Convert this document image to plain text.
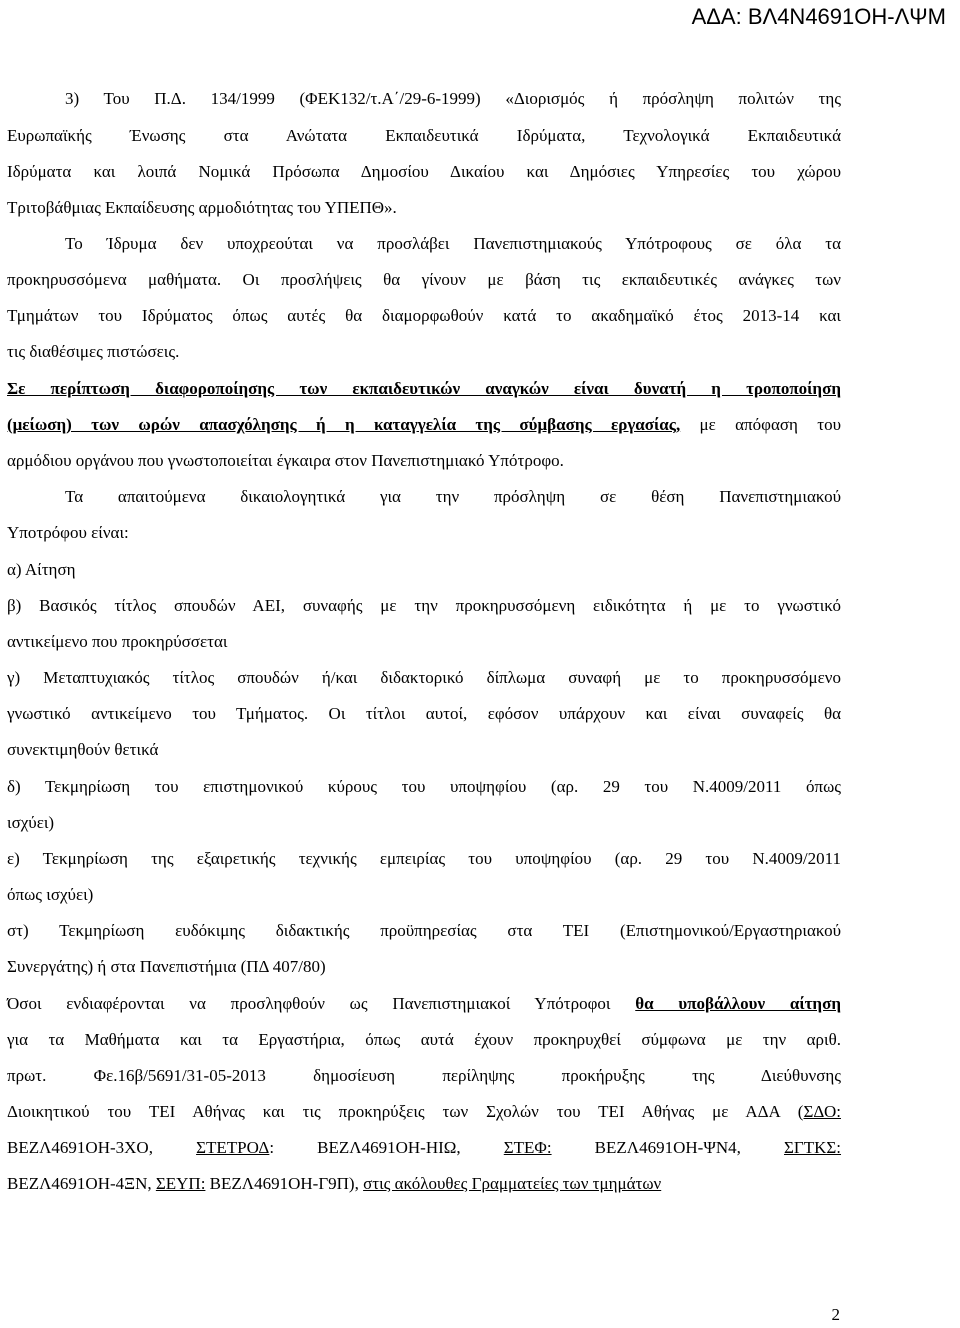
ΑΔΑ: ΒΛ4Ν4691ΟΗ-ΛΨΜ
3) Του Π.Δ. 134/1999 (ΦΕΚ132/τ.Α΄/29-6-1999) «Διορισμός ή πρόσληψη πολιτών της
Ευρωπαϊκής Ένωσης στα Ανώτατα Εκπαιδευτικά Ιδρύματα, Τεχνολογικά Εκπαιδευτικά
Ιδρύματα και λοιπά Νομικά Πρόσωπα Δημοσίου Δικαίου και Δημόσιες Υπηρεσίες του χώρου
Τριτοβάθμιας Εκπαίδευσης αρμοδιότητας του ΥΠΕΠΘ».
Το Ίδρυμα δεν υποχρεούται να προσλάβει Πανεπιστημιακούς Υπότροφους σε όλα τα
προκηρυσσόμενα μαθήματα. Οι προσλήψεις θα γίνουν με βάση τις εκπαιδευτικές ανάγκες των
Τμημάτων του Ιδρύματος όπως αυτές θα διαμορφωθούν κατά το ακαδημαϊκό έτος 2013-14 και
τις διαθέσιμες πιστώσεις.
Σε περίπτωση διαφοροποίησης των εκπαιδευτικών αναγκών είναι δυνατή η τροποποίηση
(μείωση) των ωρών απασχόλησης ή η καταγγελία της σύμβασης εργασίας, με απόφαση του
αρμόδιου οργάνου που γνωστοποιείται έγκαιρα στον Πανεπιστημιακό Υπότροφο.
Τα απαιτούμενα δικαιολογητικά για την πρόσληψη σε θέση Πανεπιστημιακού
Υποτρόφου είναι:
α) Αίτηση
β) Βασικός τίτλος σπουδών ΑΕΙ, συναφής με την προκηρυσσόμενη ειδικότητα ή με το γνωστικό
αντικείμενο που προκηρύσσεται
γ) Μεταπτυχιακός τίτλος σπουδών ή/και διδακτορικό δίπλωμα συναφή με το προκηρυσσόμενο
γνωστικό αντικείμενο του Τμήματος. Οι τίτλοι αυτοί, εφόσον υπάρχουν και είναι συναφείς θα
συνεκτιμηθούν θετικά
δ) Τεκμηρίωση του επιστημονικού κύρους του υποψηφίου (αρ. 29 του Ν.4009/2011 όπως
ισχύει)
ε) Τεκμηρίωση της εξαιρετικής τεχνικής εμπειρίας του υποψηφίου (αρ. 29 του Ν.4009/2011
όπως ισχύει)
στ) Τεκμηρίωση ευδόκιμης διδακτικής προϋπηρεσίας στα ΤΕΙ (Επιστημονικού/Εργαστηριακού
Συνεργάτης) ή στα Πανεπιστήμια (ΠΔ 407/80)
Όσοι ενδιαφέρονται να προσληφθούν ως Πανεπιστημιακοί Υπότροφοι θα υποβάλλουν αίτηση
για τα Μαθήματα και τα Εργαστήρια, όπως αυτά έχουν προκηρυχθεί σύμφωνα με την αριθ.
πρωτ. Φε.16β/5691/31-05-2013 δημοσίευση περίληψης προκήρυξης της Διεύθυνσης
Διοικητικού του ΤΕΙ Αθήνας και τις προκηρύξεις των Σχολών του ΤΕΙ Αθήνας με ΑΔΑ (ΣΔΟ:
ΒΕΖΛ4691ΟΗ-3ΧΟ, ΣΤΕΤΡΟΔ: ΒΕΖΛ4691ΟΗ-ΗΙΩ, ΣΤΕΦ: ΒΕΖΛ4691ΟΗ-ΨΝ4, ΣΓΤΚΣ:
ΒΕΖΛ4691ΟΗ-4ΞΝ, ΣΕΥΠ: ΒΕΖΛ4691ΟΗ-Γ9Π), στις ακόλουθες Γραμματείες των τμημάτων
2
